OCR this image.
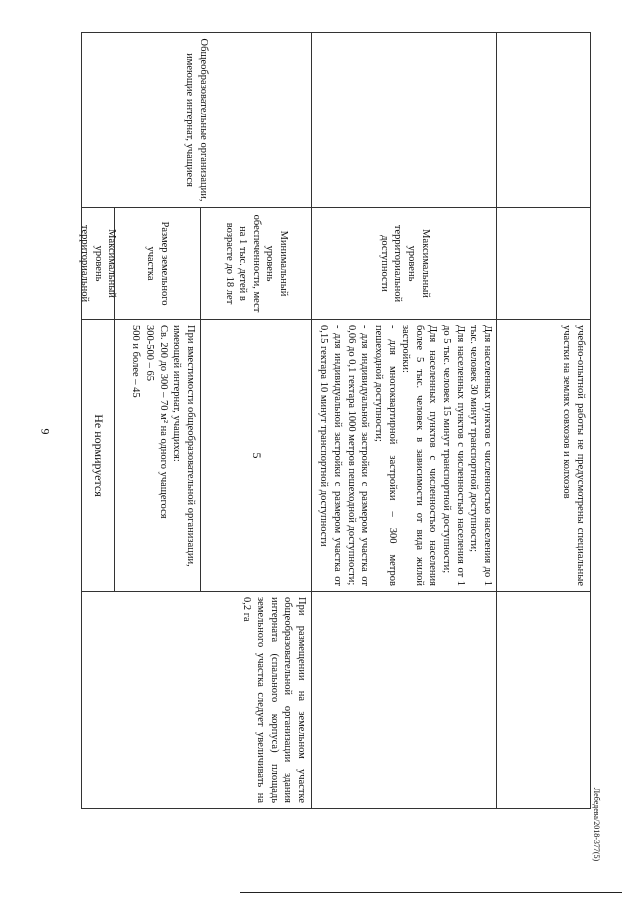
9	учебно-опытной работы не предусмотрены специальные участки на землях совхозов и колхозов
Максимальный уровень территориальной доступности
Для населенных пунктов с численностью населения до 1 тыс. человек 30 минут транспортной доступности;
Для населенных пунктов с численностью населения от 1 до 5 тыс. человек 15 минут транспортной доступности;
Для населенных пунктов с численностью населения более 5 тыс. человек в зависимости от вида жилой застройки:
- для многоквартирной застройки – 300 метров пешеходной доступности;
- для индивидуальной застройки с размером участка от 0,06 до 0,1 гектара 1000 метров пешеходной доступности;
- для индивидуальной застройки с размером участка от 0,15 гектара 10 минут транспортной доступности
Общеобразовательные организации, имеющие интернат, учащиеся
Минимальный уровень обеспеченности, мест на 1 тыс. детей в возрасте до 18 лет
Размер земельного участка
Максимальный уровень территориальной
5
При вместимости общеобразовательной организации, имеющей интернат, учащихся:
Св. 200 до 300 – 70 м² на одного учащегося
300-500 – 65
500 и более – 45
Не нормируется
При размещении на земельном участке общеобразовательной организации здания интерната (спального корпуса) площадь земельного участка следует увеличивать на 0,2 га
Лебедева/2018-377(5)
